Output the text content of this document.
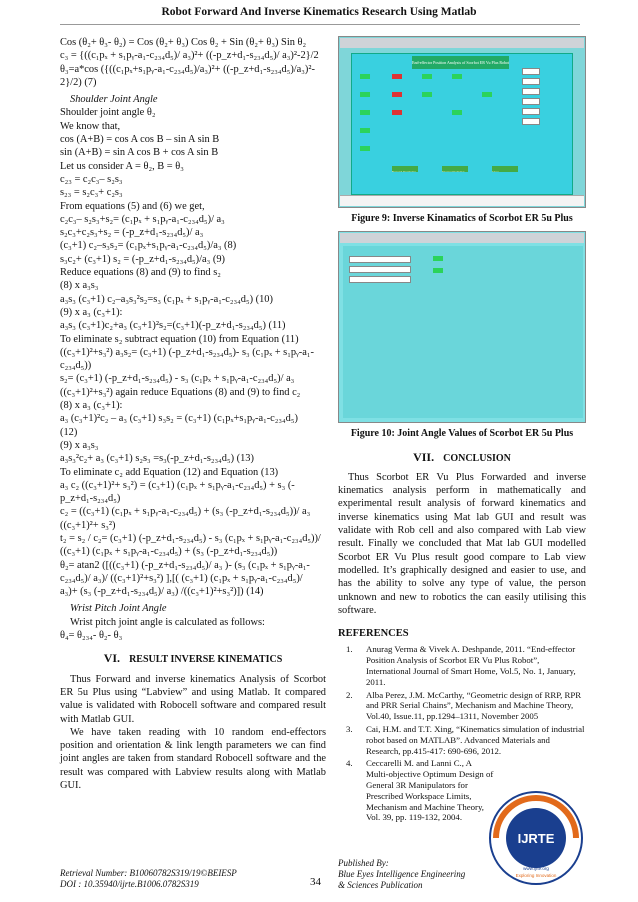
Robot Forward And Inverse Kinematics Research Using Matlab
Cos (θ₂+ θ₃- θ₂) = Cos (θ₂+ θ₃) Cos θ₂ + Sin (θ₂+ θ₃) Sin θ₂
c₃ = {((c₁pₓ + s₁pᵧ-a₁-c₂₃₄d₅)/ a₃)²+ ((-p_z+d₁-s₂₃₄d₅)/ a₃)²-2}/2
θ₃=a*cos ({((c₁pₓ+s₁pᵧ-a₁-c₂₃₄d₅)/a₃)²+ ((-p_z+d₁-s₂₃₄d₅)/a₃)²-
2}/2) (7)
Shoulder Joint Angle
Shoulder joint angle θ₂
We know that,
cos (A+B) = cos A cos B – sin A sin B
sin (A+B) = sin A cos B + cos A sin B
Let us consider A = θ₂, B = θ₃
c₂₃ = c₂c₃– s₂s₃
s₂₃ = s₂c₃+ c₂s₃
From equations (5) and (6) we get,
c₂c₃– s₂s₃+s₂= (c₁pₓ + s₁pᵧ-a₁-c₂₃₄d₅)/ a₃
s₂c₃+c₂s₃+s₂ = (-p_z+d₁-s₂₃₄d₅)/ a₃
(c₃+1) c₂–s₃s₂= (c₁pₓ+s₁pᵧ-a₁-c₂₃₄d₅)/a₃ (8)
s₃c₂+ (c₃+1) s₂ = (-p_z+d₁-s₂₃₄d₅)/a₃ (9)
Reduce equations (8) and (9) to find s₂
(8) x a₃s₃
a₃s₃ (c₃+1) c₂–a₃s₃²s₂=s₃ (c₁pₓ + s₁pᵧ-a₁-c₂₃₄d₅) (10)
(9) x a₃ (c₃+1):
a₃s₃ (c₃+1)c₂+a₃ (c₃+1)²s₂=(c₃+1)(-p_z+d₁-s₂₃₄d₅) (11)
To eliminate s₂ subtract equation (10) from Equation (11)
((c₃+1)²+s₃²) a₃s₂= (c₃+1) (-p_z+d₁-s₂₃₄d₅)- s₃ (c₁pₓ + s₁pᵧ-a₁-
c₂₃₄d₅))
s₂= (c₃+1) (-p_z+d₁-s₂₃₄d₅) - s₃ (c₁pₓ + s₁pᵧ-a₁-c₂₃₄d₅)/ a₃
((c₃+1)²+s₃²) again reduce Equations (8) and (9) to find c₂
(8) x a₃ (c₃+1):
a₃ (c₃+1)²c₂ – a₃ (c₃+1) s₃s₂ = (c₃+1) (c₁pₓ+s₁pᵧ-a₁-c₂₃₄d₅)
(12)
(9) x a₃s₃
a₃s₃²c₂+ a₃ (c₃+1) s₂s₃ =s₃(-p_z+d₁-s₂₃₄d₅) (13)
To eliminate c₂ add Equation (12) and Equation (13)
a₃ c₂ ((c₃+1)²+ s₃²) = (c₃+1) (c₁pₓ + s₁pᵧ-a₁-c₂₃₄d₅) + s₃ (-
p_z+d₁-s₂₃₄d₅)
c₂ = ((c₃+1) (c₁pₓ + s₁pᵧ-a₁-c₂₃₄d₅) + (s₃ (-p_z+d₁-s₂₃₄d₅))/ a₃
((c₃+1)²+ s₃²)
t₂ = s₂ / c₂= (c₃+1) (-p_z+d₁-s₂₃₄d₅) - s₃ (c₁pₓ + s₁pᵧ-a₁-c₂₃₄d₅))/
((c₃+1) (c₁pₓ + s₁pᵧ-a₁-c₂₃₄d₅) + (s₃ (-p_z+d₁-s₂₃₄d₅))
θ₂= atan2 ([((c₃+1) (-p_z+d₁-s₂₃₄d₅)/ a₃ )- (s₃ (c₁pₓ + s₁pᵧ-a₁-
c₂₃₄d₅)/ a₃)/ ((c₃+1)²+s₃²) ],[( (c₃+1) (c₁pₓ + s₁pᵧ-a₁-c₂₃₄d₅)/
a₃)+ (s₃ (-p_z+d₁-s₂₃₄d₅)/ a₃) /((c₃+1)²+s₃²)]) (14)
Wrist Pitch Joint Angle
Wrist pitch joint angle is calculated as follows:
θ₄= θ₂₃₄- θ₂- θ₃
VI. RESULT INVERSE KINEMATICS
Thus Forward and inverse kinematics Analysis of Scorbot ER 5u Plus using “Labview” and using Matlab. It compared value is validated with Robocell software and compared result with Matlab GUI.
We have taken reading with 10 random end-effectors position and orientation & link length parameters we can find joint angles are taken from standard Robocell software and the result was compared with Labview results along with Matlab GUI.
End-effector Position Analysis of Scorbot ER Vu Plus Robot
Forward kinematics	Inverse kinematics	Close
Figure 9: Inverse Kinamatics of Scorbot ER 5u Plus
Figure 10: Joint Angle Values of Scorbot ER 5u Plus
VII. CONCLUSION
Thus Scorbot ER Vu Plus Forwarded and inverse kinematics analysis perform in mathematically and experimental result analysis of forward kinematics and inverse kinematics using Mat lab GUI and result was validate with Rob cell and also compared with Lab view result. Finally we concluded that Mat lab GUI modelled Scorbot ER Vu Plus result good compare to Lab view modelled. It’s graphically designed and easier to use, and has the ability to solve any type of value, the person unknown and new to robotics the can easily utilising this software.
REFERENCES
1.	Anurag Verma & Vivek A. Deshpande, 2011. “End-effector Position Analysis of Scorbot ER Vu Plus Robot”, International Journal of Smart Home, Vol.5, No. 1, January, 2011.
2.	Alba Perez, J.M. McCarthy, “Geometric design of RRP, RPR and PRR Serial Chains”, Mechanism and Machine Theory, Vol.40, Issue.11, pp.1294–1311, November 2005
3.	Cai, H.M. and T.T. Xing, “Kinematics simulation of industrial robot based on MATLAB”. Advanced Materials and Research, pp.415-417: 690-696, 2012.
4.	Ceccarelli M. and Lanni C., A Multi-objective Optimum Design of General 3R Manipulators for Prescribed Workspace Limits, Mechanism and Machine Theory, Vol. 39, pp. 119-132, 2004.
Retrieval Number: B10060782S319/19©BEIESP
DOI : 10.35940/ijrte.B1006.0782S319	34
Published By:
Blue Eyes Intelligence Engineering
& Sciences Publication
IJRTE
www.ijrte.org
Exploring Innovation
